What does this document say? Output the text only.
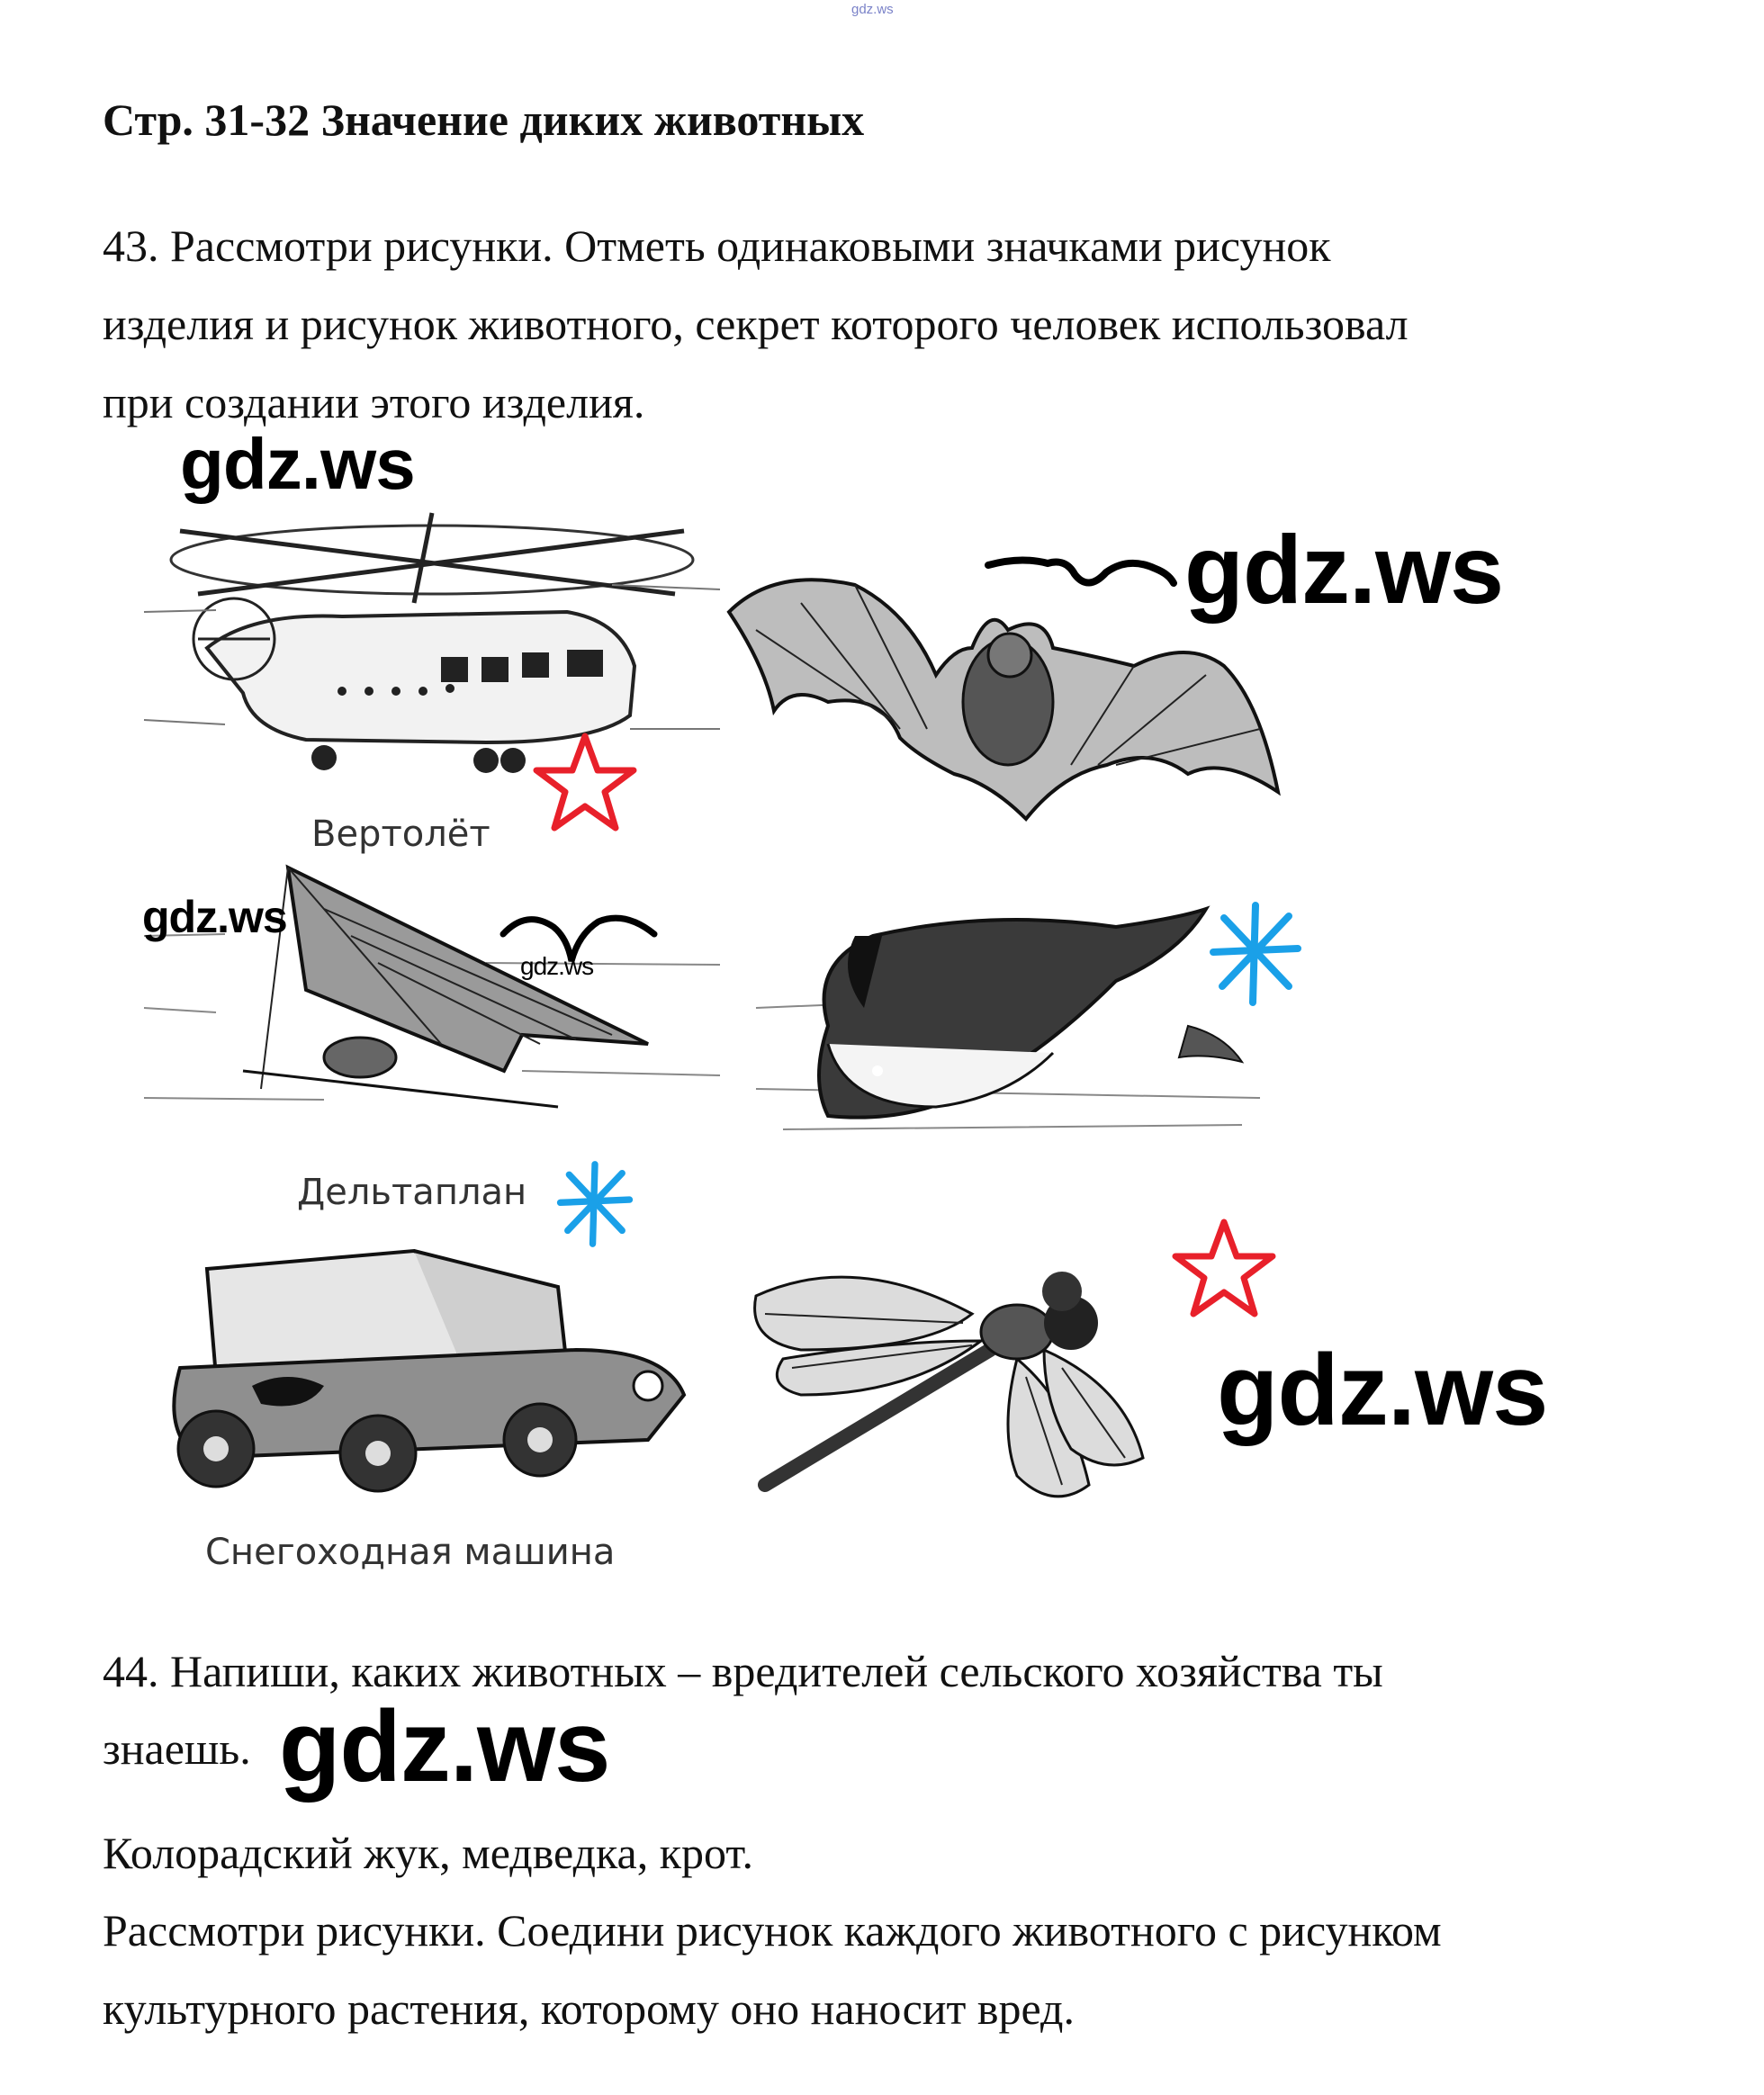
gdz.ws
Стр. 31-32 Значение диких животных
43. Рассмотри рисунки. Отметь одинаковыми значками рисунок
изделия и рисунок животного, секрет которого человек использовал
при создании этого изделия.
Вертолёт
gdz.ws
Дельтаплан
Снегоходная машина
gdz.ws
gdz.ws
gdz.ws
gdz.ws
44. Напиши, каких животных – вредителей сельского хозяйства ты
знаешь. gdz.ws
Колорадский жук, медведка, крот.
Рассмотри рисунки. Соедини рисунок каждого животного с рисунком
культурного растения, которому оно наносит вред.
